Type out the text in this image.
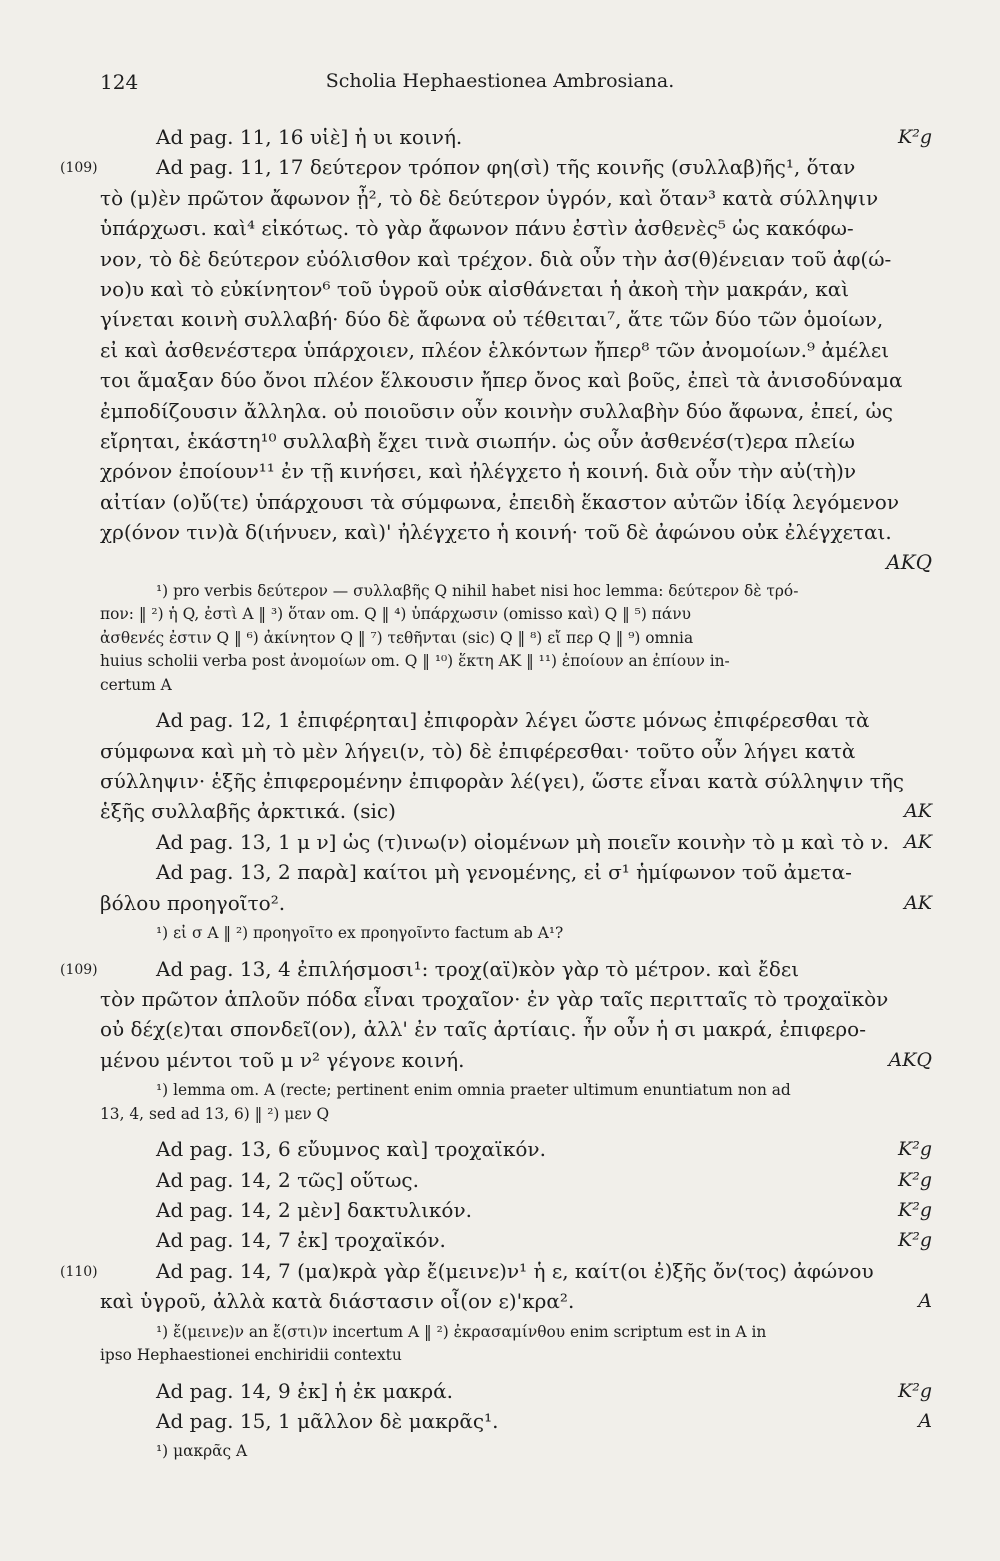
124	Scholia Hephaestionea Ambrosiana.
Ad pag. 11, 16 υἱὲ] ἡ υι κοινή.	K²g
(109)	Ad pag. 11, 17 δεύτερον τρόπον φη(σὶ) τῆς κοινῆς (συλλαβ)ῆς¹, ὅταν
τὸ (μ)ὲν πρῶτον ἄφωνον ᾖ², τὸ δὲ δεύτερον ὑγρόν, καὶ ὅταν³ κατὰ σύλληψιν
ὑπάρχωσι. καὶ⁴ εἰκότως. τὸ γὰρ ἄφωνον πάνυ ἐστὶν ἀσθενὲς⁵ ὡς κακόφω-
νον, τὸ δὲ δεύτερον εὐόλισθον καὶ τρέχον. διὰ οὖν τὴν ἀσ(θ)ένειαν τοῦ ἀφ(ώ-
νο)υ καὶ τὸ εὐκίνητον⁶ τοῦ ὑγροῦ οὐκ αἰσθάνεται ἡ ἀκοὴ τὴν μακράν, καὶ
γίνεται κοινὴ συλλαβή· δύο δὲ ἄφωνα οὐ τέθειται⁷, ἅτε τῶν δύο τῶν ὁμοίων,
εἰ καὶ ἀσθενέστερα ὑπάρχοιεν, πλέον ἑλκόντων ἤπερ⁸ τῶν ἀνομοίων.⁹ ἀμέλει
τοι ἅμαξαν δύο ὄνοι πλέον ἕλκουσιν ἤπερ ὄνος καὶ βοῦς, ἐπεὶ τὰ ἀνισοδύναμα
ἐμποδίζουσιν ἄλληλα. οὐ ποιοῦσιν οὖν κοινὴν συλλαβὴν δύο ἄφωνα, ἐπεί, ὡς
εἴρηται, ἑκάστη¹⁰ συλλαβὴ ἔχει τινὰ σιωπήν. ὡς οὖν ἀσθενέσ(τ)ερα πλείω
χρόνον ἐποίουν¹¹ ἐν τῇ κινήσει, καὶ ἠλέγχετο ἡ κοινή. διὰ οὖν τὴν αὐ(τὴ)ν
αἰτίαν (ο)ὔ(τε) ὑπάρχουσι τὰ σύμφωνα, ἐπειδὴ ἕκαστον αὐτῶν ἰδίᾳ λεγόμενον
χρ(όνον τιν)ὰ δ(ιήνυεν, καὶ)' ἠλέγχετο ἡ κοινή· τοῦ δὲ ἀφώνου οὐκ ἐλέγχεται.
AKQ
¹) pro verbis δεύτερον — συλλαβῆς Q nihil habet nisi hoc lemma: δεύτερον δὲ τρό-
πον: ‖ ²) ἡ Q, ἐστὶ A ‖ ³) ὅταν om. Q ‖ ⁴) ὑπάρχωσιν (omisso καὶ) Q ‖ ⁵) πάνυ
ἀσθενές ἐστιν Q ‖ ⁶) ἀκίνητον Q ‖ ⁷) τεθῆνται (sic) Q ‖ ⁸) εἴ περ Q ‖ ⁹) omnia
huius scholii verba post ἀνομοίων om. Q ‖ ¹⁰) ἕκτη AK ‖ ¹¹) ἐποίουν an ἐπίουν in-
certum A
Ad pag. 12, 1 ἐπιφέρηται] ἐπιφορὰν λέγει ὥστε μόνως ἐπιφέρεσθαι τὰ
σύμφωνα καὶ μὴ τὸ μὲν λήγει(ν, τὸ) δὲ ἐπιφέρεσθαι· τοῦτο οὖν λήγει κατὰ
σύλληψιν· ἑξῆς ἐπιφερομένην ἐπιφορὰν λέ(γει), ὥστε εἶναι κατὰ σύλληψιν τῆς
ἑξῆς συλλαβῆς ἀρκτικά. (sic)	AK
Ad pag. 13, 1 μ ν] ὡς (τ)ινω(ν) οἰομένων μὴ ποιεῖν κοινὴν τὸ μ καὶ τὸ ν. AK
Ad pag. 13, 2 παρὰ] καίτοι μὴ γενομένης, εἰ σ¹ ἡμίφωνον τοῦ ἀμετα-
βόλου προηγοῖτο².	AK
¹) εἰ σ A ‖ ²) προηγοῖτο ex προηγοῖντο factum ab A¹?
(109)	Ad pag. 13, 4 ἐπιλήσμοσι¹: τροχ(αϊ)κὸν γὰρ τὸ μέτρον. καὶ ἔδει
τὸν πρῶτον ἁπλοῦν πόδα εἶναι τροχαῖον· ἐν γὰρ ταῖς περιτταῖς τὸ τροχαϊκὸν
οὐ δέχ(ε)ται σπονδεῖ(ον), ἀλλ' ἐν ταῖς ἀρτίαις. ἦν οὖν ἡ σι μακρά, ἐπιφερο-
μένου μέντοι τοῦ μ ν² γέγονε κοινή.	AKQ
¹) lemma om. A (recte; pertinent enim omnia praeter ultimum enuntiatum non ad
13, 4, sed ad 13, 6) ‖ ²) μεν Q
Ad pag. 13, 6 εὔυμνος καὶ] τροχαϊκόν.	K²g
Ad pag. 14, 2 τῶς] οὕτως.	K²g
Ad pag. 14, 2 μὲν] δακτυλικόν.	K²g
Ad pag. 14, 7 ἐκ] τροχαϊκόν.	K²g
(110)	Ad pag. 14, 7 (μα)κρὰ γὰρ ἔ(μεινε)ν¹ ἡ ε, καίτ(οι ἐ)ξῆς ὄν(τος) ἀφώνου
καὶ ὑγροῦ, ἀλλὰ κατὰ διάστασιν οἷ(ον ε)'κρα².	A
¹) ἔ(μεινε)ν an ἔ(στι)ν incertum A ‖ ²) ἐκρασαμίνθου enim scriptum est in A in
ipso Hephaestionei enchiridii contextu
Ad pag. 14, 9 ἐκ] ἡ ἐκ μακρά.	K²g
Ad pag. 15, 1 μᾶλλον δὲ μακρᾶς¹.	A
¹) μακρᾶς A
